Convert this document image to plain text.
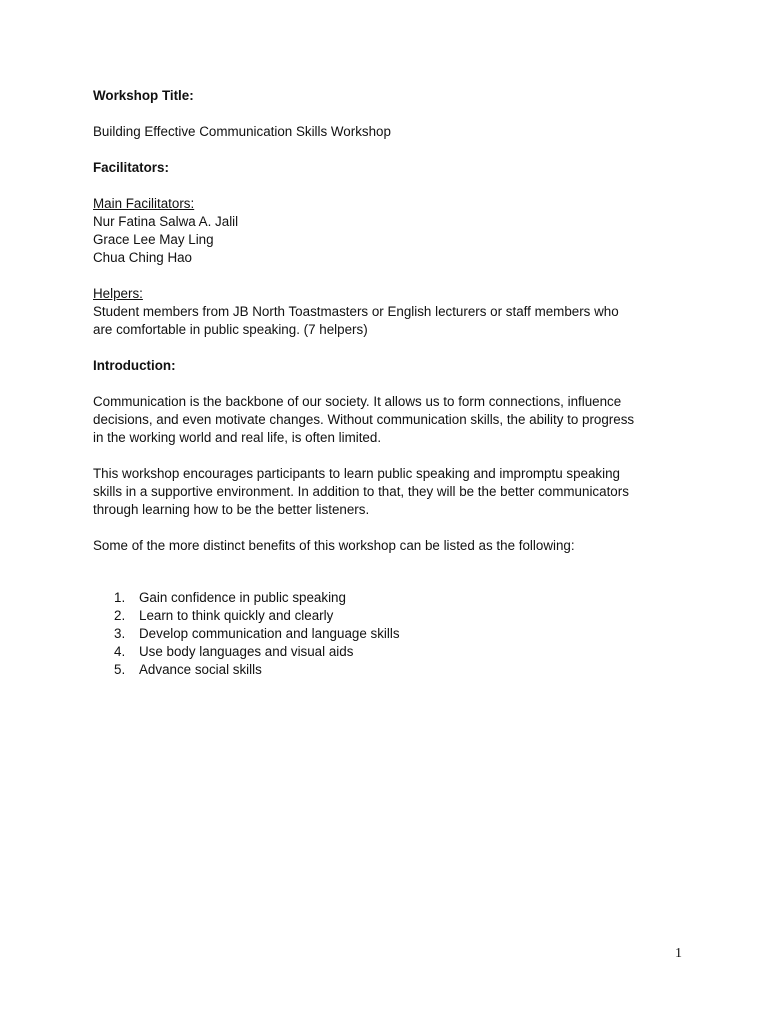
Workshop Title:
Building Effective Communication Skills Workshop
Facilitators:
Main Facilitators:
Nur Fatina Salwa A. Jalil
Grace Lee May Ling
Chua Ching Hao
Helpers:
Student members from JB North Toastmasters or English lecturers or staff members who
are comfortable in public speaking. (7 helpers)
Introduction:
Communication is the backbone of our society. It allows us to form connections, influence
decisions, and even motivate changes. Without communication skills, the ability to progress
in the working world and real life, is often limited.
This workshop encourages participants to learn public speaking and impromptu speaking
skills in a supportive environment. In addition to that, they will be the better communicators
through learning how to be the better listeners.
Some of the more distinct benefits of this workshop can be listed as the following:
1. Gain confidence in public speaking
2. Learn to think quickly and clearly
3. Develop communication and language skills
4. Use body languages and visual aids
5. Advance social skills
1
